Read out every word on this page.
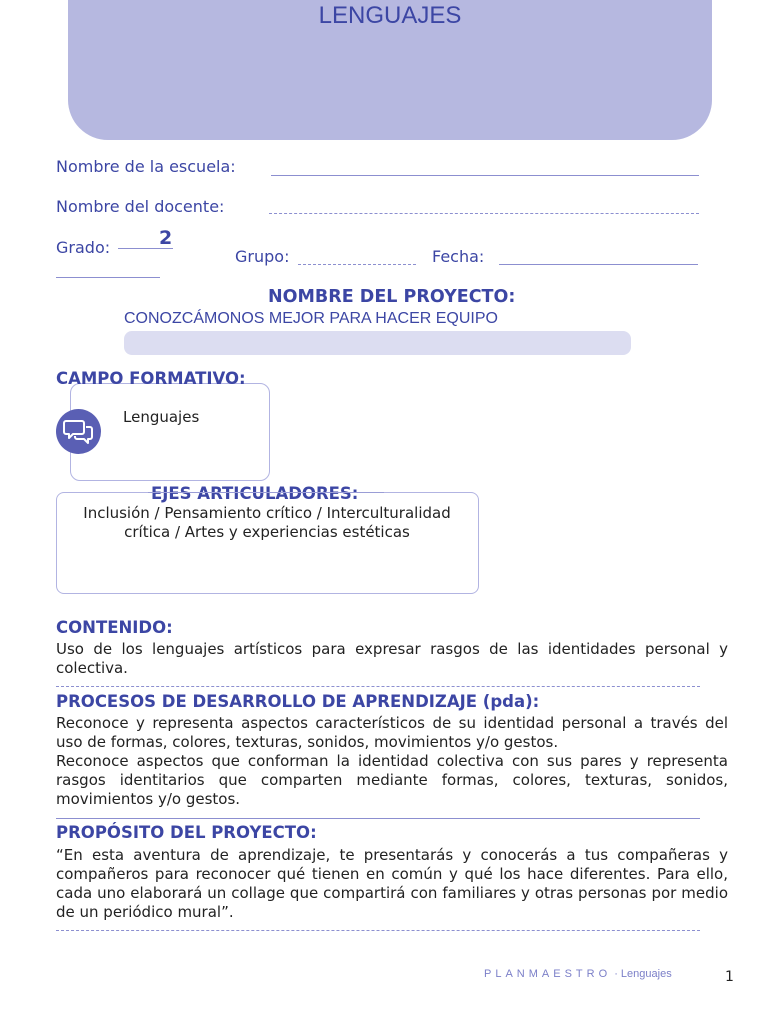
LENGUAJES
Nombre de la escuela:
Nombre del docente:
Grado:	2
Grupo:	Fecha:
NOMBRE DEL PROYECTO:
CONOZCÁMONOS MEJOR PARA HACER EQUIPO
CAMPO FORMATIVO:
Lenguajes
EJES ARTICULADORES:
Inclusión / Pensamiento crítico / Interculturalidad crítica / Artes y experiencias estéticas
CONTENIDO:
Uso de los lenguajes artísticos para expresar rasgos de las identidades personal y colectiva.
PROCESOS DE DESARROLLO DE APRENDIZAJE (pda):
Reconoce y representa aspectos característicos de su identidad personal a través del uso de formas, colores, texturas, sonidos, movimientos y/o gestos.
Reconoce aspectos que conforman la identidad colectiva con sus pares y representa rasgos identitarios que comparten mediante formas, colores, texturas, sonidos, movimientos y/o gestos.
PROPÓSITO DEL PROYECTO:
“En esta aventura de aprendizaje, te presentarás y conocerás a tus compañeras y compañeros para reconocer qué tienen en común y qué los hace diferentes. Para ello, cada uno elaborará un collage que compartirá con familiares y otras personas por medio de un periódico mural”.
PLANMAESTRO · Lenguajes	1
